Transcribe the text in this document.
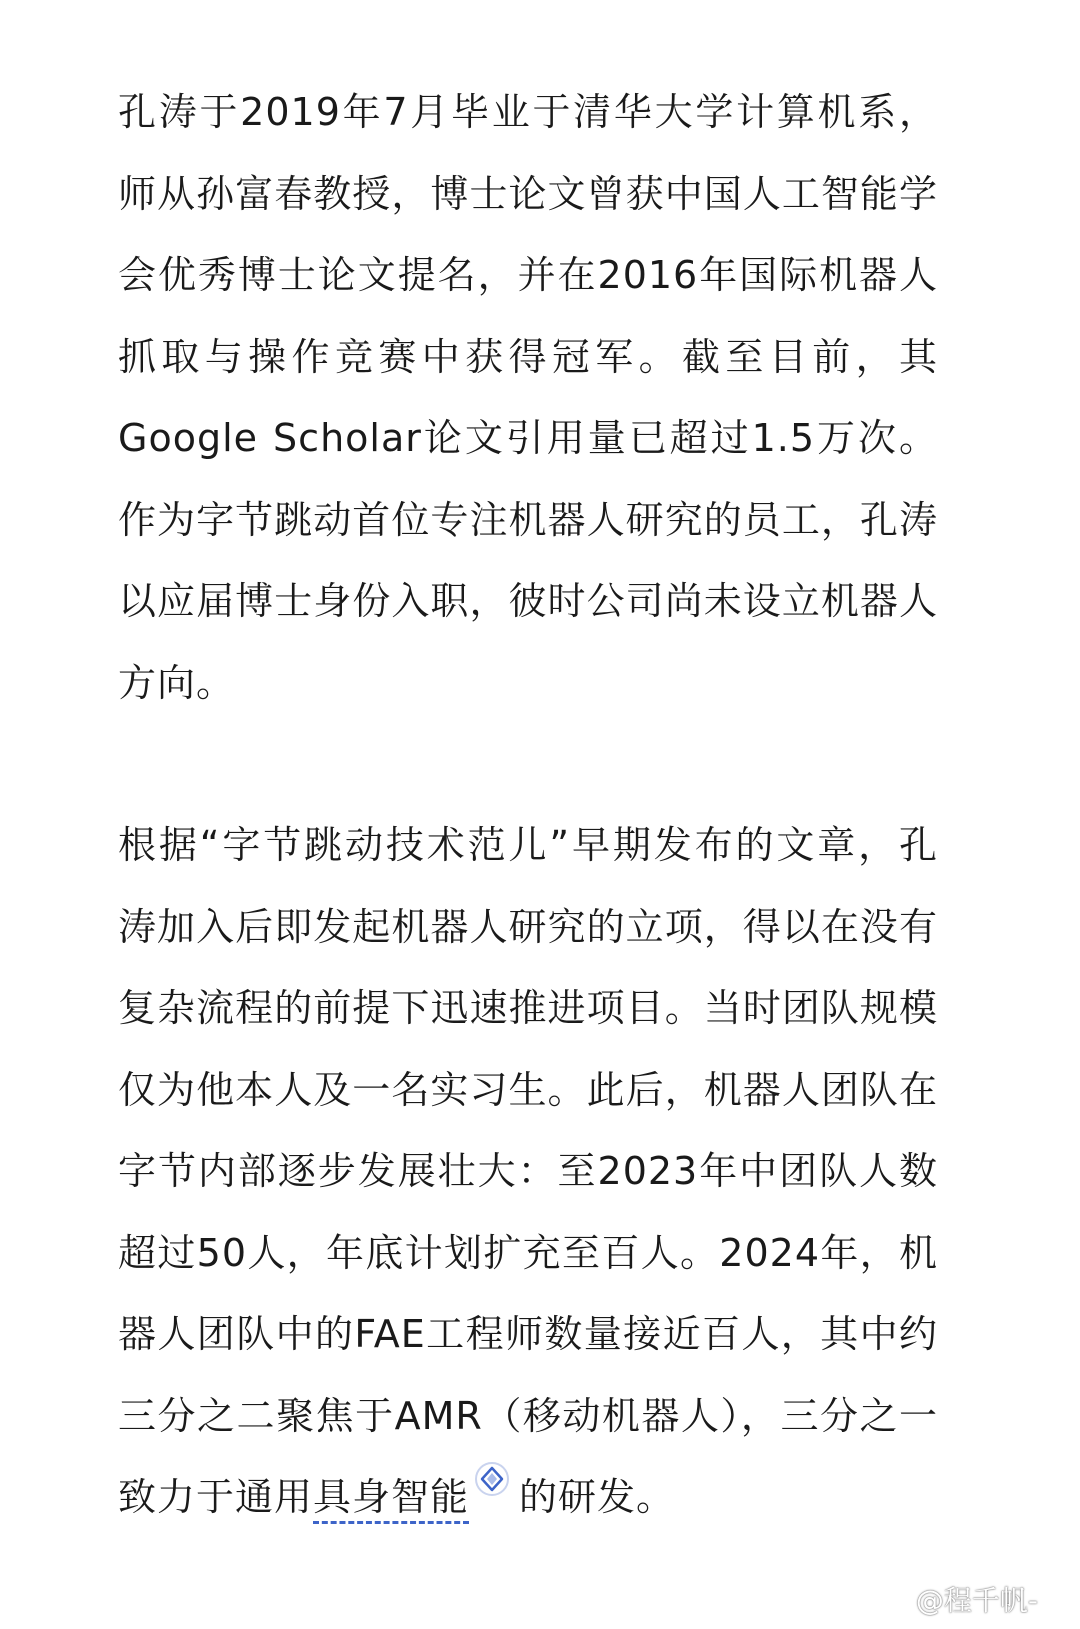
孔涛于2019年7月毕业于清华大学计算机系，师从孙富春教授，博士论文曾获中国人工智能学会优秀博士论文提名，并在2016年国际机器人抓取与操作竞赛中获得冠军。截至目前，其Google Scholar论文引用量已超过1.5万次。作为字节跳动首位专注机器人研究的员工，孔涛以应届博士身份入职，彼时公司尚未设立机器人方向。

根据“字节跳动技术范儿”早期发布的文章，孔涛加入后即发起机器人研究的立项，得以在没有复杂流程的前提下迅速推进项目。当时团队规模仅为他本人及一名实习生。此后，机器人团队在字节内部逐步发展壮大：至2023年中团队人数超过50人，年底计划扩充至百人。2024年，机器人团队中的FAE工程师数量接近百人，其中约三分之二聚焦于AMR（移动机器人），三分之一致力于通用具身智能 的研发。

@程千帆-
